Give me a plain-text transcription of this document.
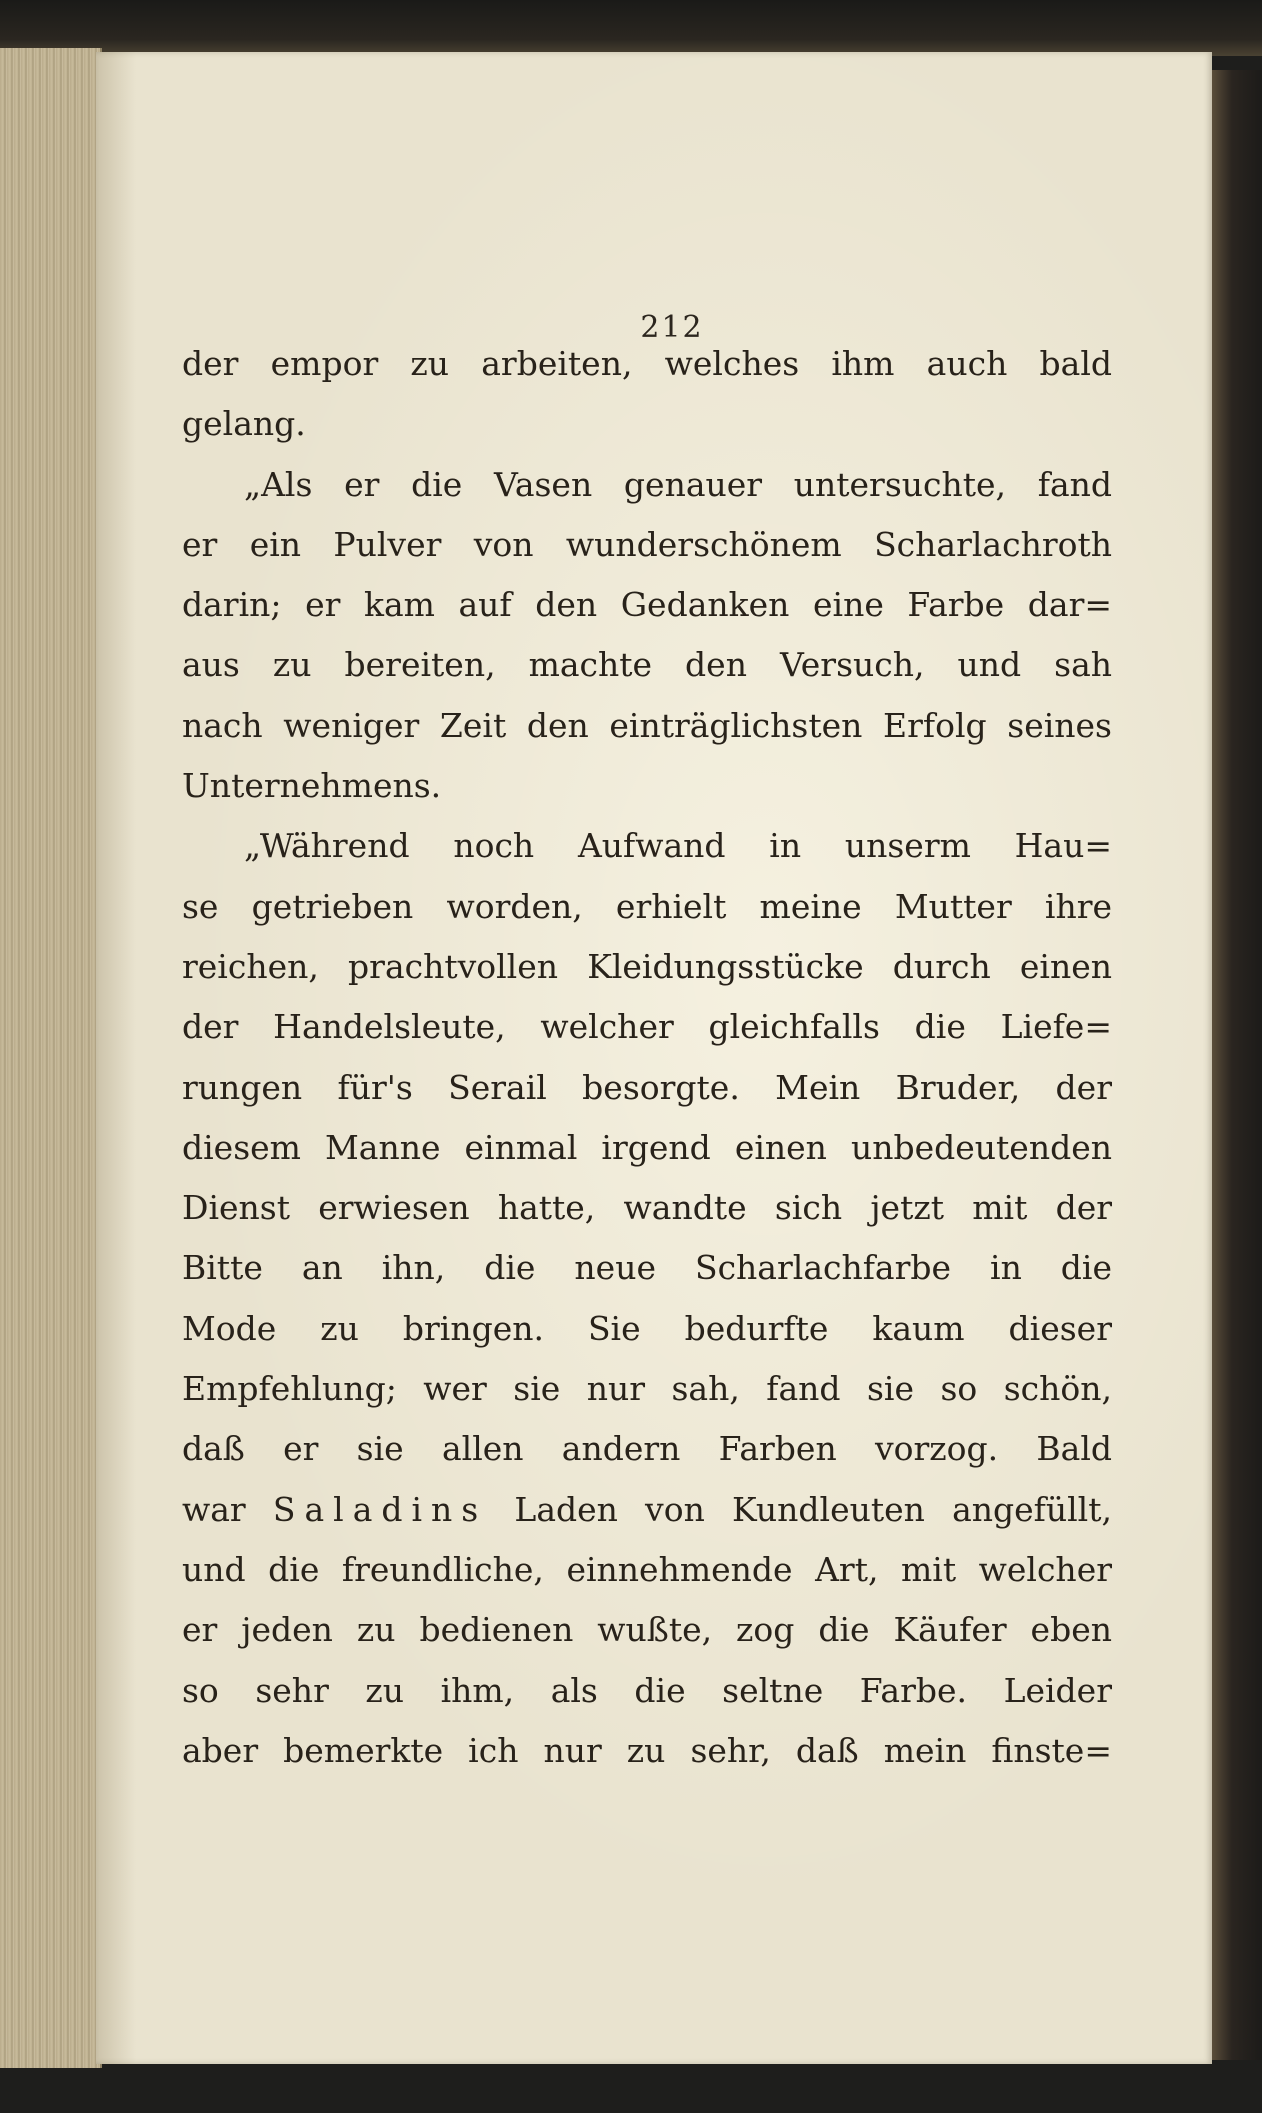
212
der empor zu arbeiten, welches ihm auch bald
gelang.
„Als er die Vasen genauer untersuchte, fand
er ein Pulver von wunderschönem Scharlachroth
darin; er kam auf den Gedanken eine Farbe dar=
aus zu bereiten, machte den Versuch, und sah
nach weniger Zeit den einträglichsten Erfolg seines
Unternehmens.
„Während noch Aufwand in unserm Hau=
se getrieben worden, erhielt meine Mutter ihre
reichen, prachtvollen Kleidungsstücke durch einen
der Handelsleute, welcher gleichfalls die Liefe=
rungen für's Serail besorgte. Mein Bruder, der
diesem Manne einmal irgend einen unbedeutenden
Dienst erwiesen hatte, wandte sich jetzt mit der
Bitte an ihn, die neue Scharlachfarbe in die
Mode zu bringen. Sie bedurfte kaum dieser
Empfehlung; wer sie nur sah, fand sie so schön,
daß er sie allen andern Farben vorzog. Bald
war Saladins Laden von Kundleuten angefüllt,
und die freundliche, einnehmende Art, mit welcher
er jeden zu bedienen wußte, zog die Käufer eben
so sehr zu ihm, als die seltne Farbe. Leider
aber bemerkte ich nur zu sehr, daß mein finste=
